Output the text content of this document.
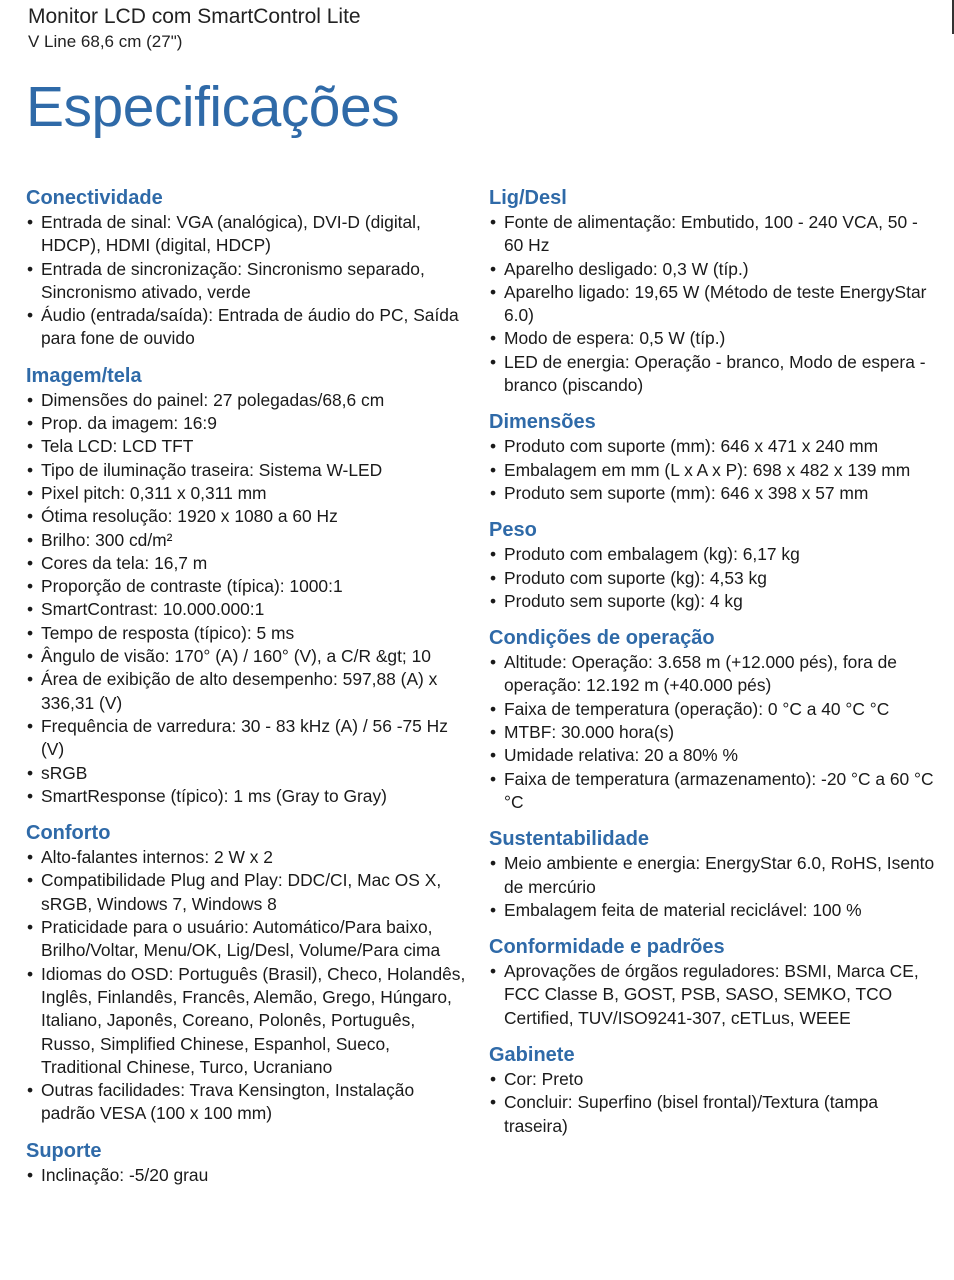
Monitor LCD com SmartControl Lite
V Line 68,6 cm (27")
Especificações
Conectividade
• Entrada de sinal: VGA (analógica), DVI-D (digital, HDCP), HDMI (digital, HDCP)
• Entrada de sincronização: Sincronismo separado, Sincronismo ativado, verde
• Áudio (entrada/saída): Entrada de áudio do PC, Saída para fone de ouvido
Imagem/tela
• Dimensões do painel: 27 polegadas/68,6 cm
• Prop. da imagem: 16:9
• Tela LCD: LCD TFT
• Tipo de iluminação traseira: Sistema W-LED
• Pixel pitch: 0,311 x 0,311 mm
• Ótima resolução: 1920 x 1080 a 60 Hz
• Brilho: 300 cd/m²
• Cores da tela: 16,7 m
• Proporção de contraste (típica): 1000:1
• SmartContrast: 10.000.000:1
• Tempo de resposta (típico): 5 ms
• Ângulo de visão: 170° (A) / 160° (V), a C/R &gt; 10
• Área de exibição de alto desempenho: 597,88 (A) x 336,31 (V)
• Frequência de varredura: 30 - 83 kHz (A) / 56 -75 Hz (V)
• sRGB
• SmartResponse (típico): 1 ms (Gray to Gray)
Conforto
• Alto-falantes internos: 2 W x 2
• Compatibilidade Plug and Play: DDC/CI, Mac OS X, sRGB, Windows 7, Windows 8
• Praticidade para o usuário: Automático/Para baixo, Brilho/Voltar, Menu/OK, Lig/Desl, Volume/Para cima
• Idiomas do OSD: Português (Brasil), Checo, Holandês, Inglês, Finlandês, Francês, Alemão, Grego, Húngaro, Italiano, Japonês, Coreano, Polonês, Português, Russo, Simplified Chinese, Espanhol, Sueco, Traditional Chinese, Turco, Ucraniano
• Outras facilidades: Trava Kensington, Instalação padrão VESA (100 x 100 mm)
Suporte
• Inclinação: -5/20 grau
Lig/Desl
• Fonte de alimentação: Embutido, 100 - 240 VCA, 50 - 60 Hz
• Aparelho desligado: 0,3 W (típ.)
• Aparelho ligado: 19,65 W (Método de teste EnergyStar 6.0)
• Modo de espera: 0,5 W (típ.)
• LED de energia: Operação - branco, Modo de espera - branco (piscando)
Dimensões
• Produto com suporte (mm): 646 x 471 x 240 mm
• Embalagem em mm (L x A x P): 698 x 482 x 139 mm
• Produto sem suporte (mm): 646 x 398 x 57 mm
Peso
• Produto com embalagem (kg): 6,17 kg
• Produto com suporte (kg): 4,53 kg
• Produto sem suporte (kg): 4 kg
Condições de operação
• Altitude: Operação: 3.658 m (+12.000 pés), fora de operação: 12.192 m (+40.000 pés)
• Faixa de temperatura (operação): 0 °C a 40 °C °C
• MTBF: 30.000 hora(s)
• Umidade relativa: 20 a 80% %
• Faixa de temperatura (armazenamento): -20 °C a 60 °C °C
Sustentabilidade
• Meio ambiente e energia: EnergyStar 6.0, RoHS, Isento de mercúrio
• Embalagem feita de material reciclável: 100 %
Conformidade e padrões
• Aprovações de órgãos reguladores: BSMI, Marca CE, FCC Classe B, GOST, PSB, SASO, SEMKO, TCO Certified, TUV/ISO9241-307, cETLus, WEEE
Gabinete
• Cor: Preto
• Concluir: Superfino (bisel frontal)/Textura (tampa traseira)
